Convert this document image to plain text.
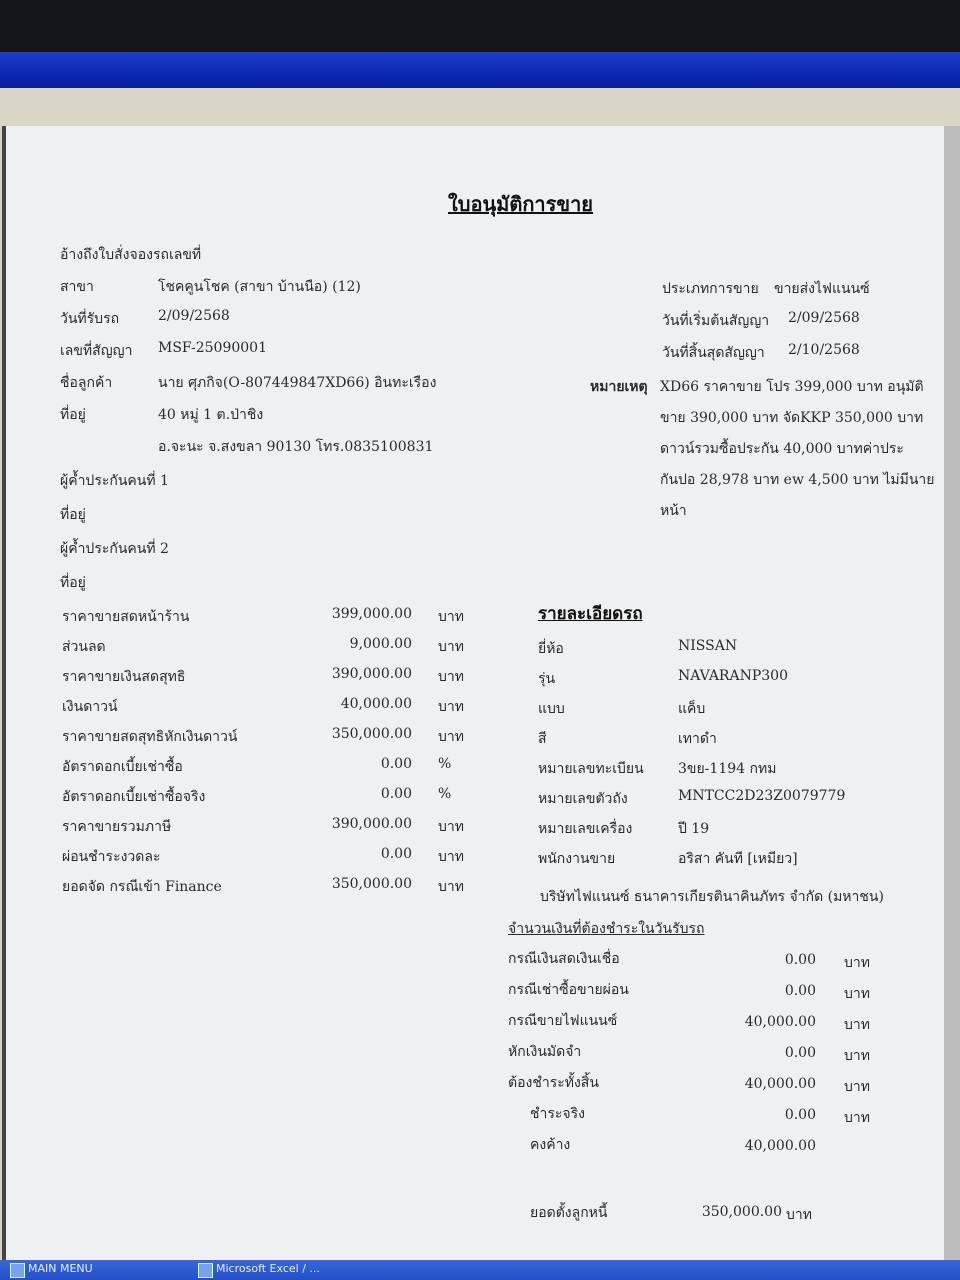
ใบอนุมัติการขาย
อ้างถึงใบสั่งจองรถเลขที่
สาขา	โชคคูนโชค (สาขา บ้านนือ) (12)
วันที่รับรถ	2/09/2568
เลขที่สัญญา MSF-25090001
ชื่อลูกค้า	นาย ศุภกิจ(O-807449847XD66) อินทะเรือง
ที่อยู่	40 หมู่ 1 ต.ป่าชิง
อ.จะนะ จ.สงขลา 90130 โทร.0835100831
ผู้ค้ำประกันคนที่ 1
ที่อยู่
ผู้ค้ำประกันคนที่ 2
ที่อยู่
ประเภทการขาย ขายส่งไฟแนนซ์
วันที่เริ่มต้นสัญญา 2/09/2568
วันที่สิ้นสุดสัญญา 2/10/2568
หมายเหตุ XD66 ราคาขาย โปร 399,000 บาท อนุมัติ
ขาย 390,000 บาท จัดKKP 350,000 บาท
ดาวน์รวมซื้อประกัน 40,000 บาทค่าประ
กันปอ 28,978 บาท ew 4,500 บาท ไม่มีนาย
หน้า
ราคาขายสดหน้าร้าน	399,000.00 บาท
ส่วนลด	9,000.00 บาท
ราคาขายเงินสดสุทธิ	390,000.00 บาท
เงินดาวน์	40,000.00 บาท
ราคาขายสดสุทธิหักเงินดาวน์	350,000.00 บาท
อัตราดอกเบี้ยเช่าซื้อ	0.00 %
อัตราดอกเบี้ยเช่าซื้อจริง	0.00 %
ราคาขายรวมภาษี	390,000.00 บาท
ผ่อนชำระงวดละ	0.00 บาท
ยอดจัด กรณีเข้า Finance	350,000.00 บาท
รายละเอียดรถ
ยี่ห้อ	NISSAN
รุ่น	NAVARANP300
แบบ	แค็บ
สี	เทาดำ
หมายเลขทะเบียน 3ขย-1194 กทม
หมายเลขตัวถัง	MNTCC2D23Z0079779
หมายเลขเครื่อง	ปี 19
พนักงานขาย	อริสา คันที [เหมียว]
บริษัทไฟแนนซ์ ธนาคารเกียรตินาคินภัทร จำกัด (มหาชน)
จำนวนเงินที่ต้องชำระในวันรับรถ
กรณีเงินสดเงินเชื่อ	0.00 บาท
กรณีเช่าซื้อขายผ่อน	0.00 บาท
กรณีขายไฟแนนซ์	40,000.00 บาท
หักเงินมัดจำ	0.00 บาท
ต้องชำระทั้งสิ้น	40,000.00 บาท
ชำระจริง	0.00 บาท
คงค้าง	40,000.00
ยอดตั้งลูกหนี้	350,000.00 บาท
MAIN MENU	Microsoft Excel / ...
